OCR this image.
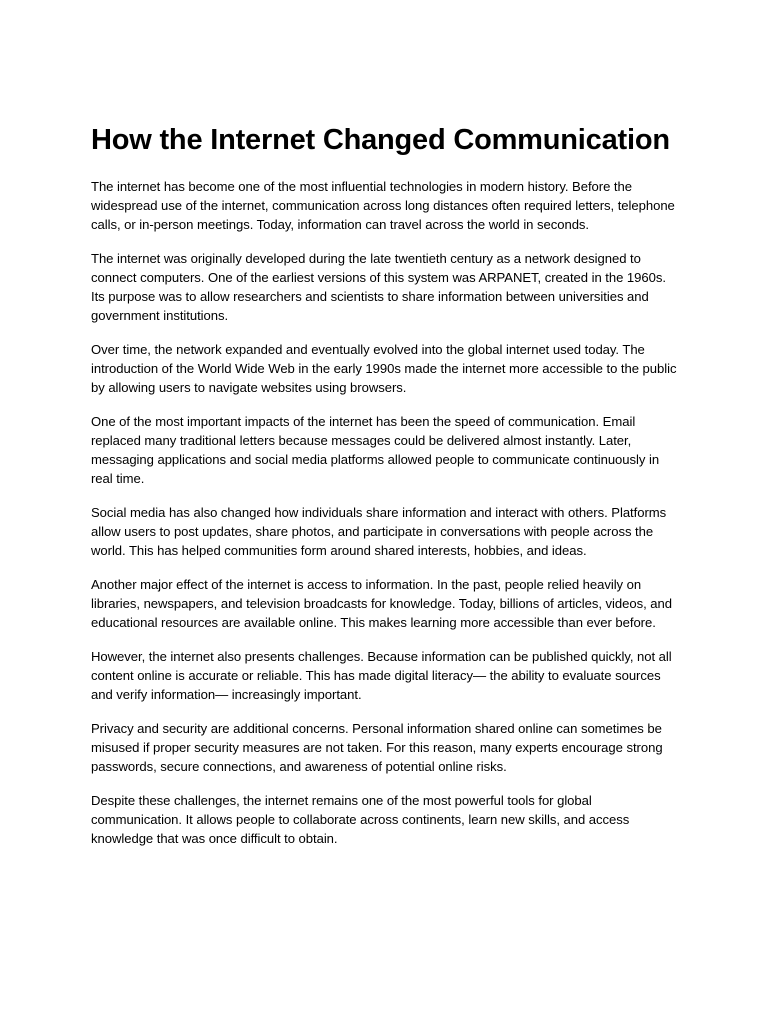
How the Internet Changed Communication

The internet has become one of the most influential technologies in modern history. Before the widespread use of the internet, communication across long distances often required letters, telephone calls, or in-person meetings. Today, information can travel across the world in seconds.

The internet was originally developed during the late twentieth century as a network designed to connect computers. One of the earliest versions of this system was ARPANET, created in the 1960s. Its purpose was to allow researchers and scientists to share information between universities and government institutions.

Over time, the network expanded and eventually evolved into the global internet used today. The introduction of the World Wide Web in the early 1990s made the internet more accessible to the public by allowing users to navigate websites using browsers.

One of the most important impacts of the internet has been the speed of communication. Email replaced many traditional letters because messages could be delivered almost instantly. Later, messaging applications and social media platforms allowed people to communicate continuously in real time.

Social media has also changed how individuals share information and interact with others. Platforms allow users to post updates, share photos, and participate in conversations with people across the world. This has helped communities form around shared interests, hobbies, and ideas.

Another major effect of the internet is access to information. In the past, people relied heavily on libraries, newspapers, and television broadcasts for knowledge. Today, billions of articles, videos, and educational resources are available online. This makes learning more accessible than ever before.

However, the internet also presents challenges. Because information can be published quickly, not all content online is accurate or reliable. This has made digital literacy— the ability to evaluate sources and verify information— increasingly important.

Privacy and security are additional concerns. Personal information shared online can sometimes be misused if proper security measures are not taken. For this reason, many experts encourage strong passwords, secure connections, and awareness of potential online risks.

Despite these challenges, the internet remains one of the most powerful tools for global communication. It allows people to collaborate across continents, learn new skills, and access knowledge that was once difficult to obtain.
